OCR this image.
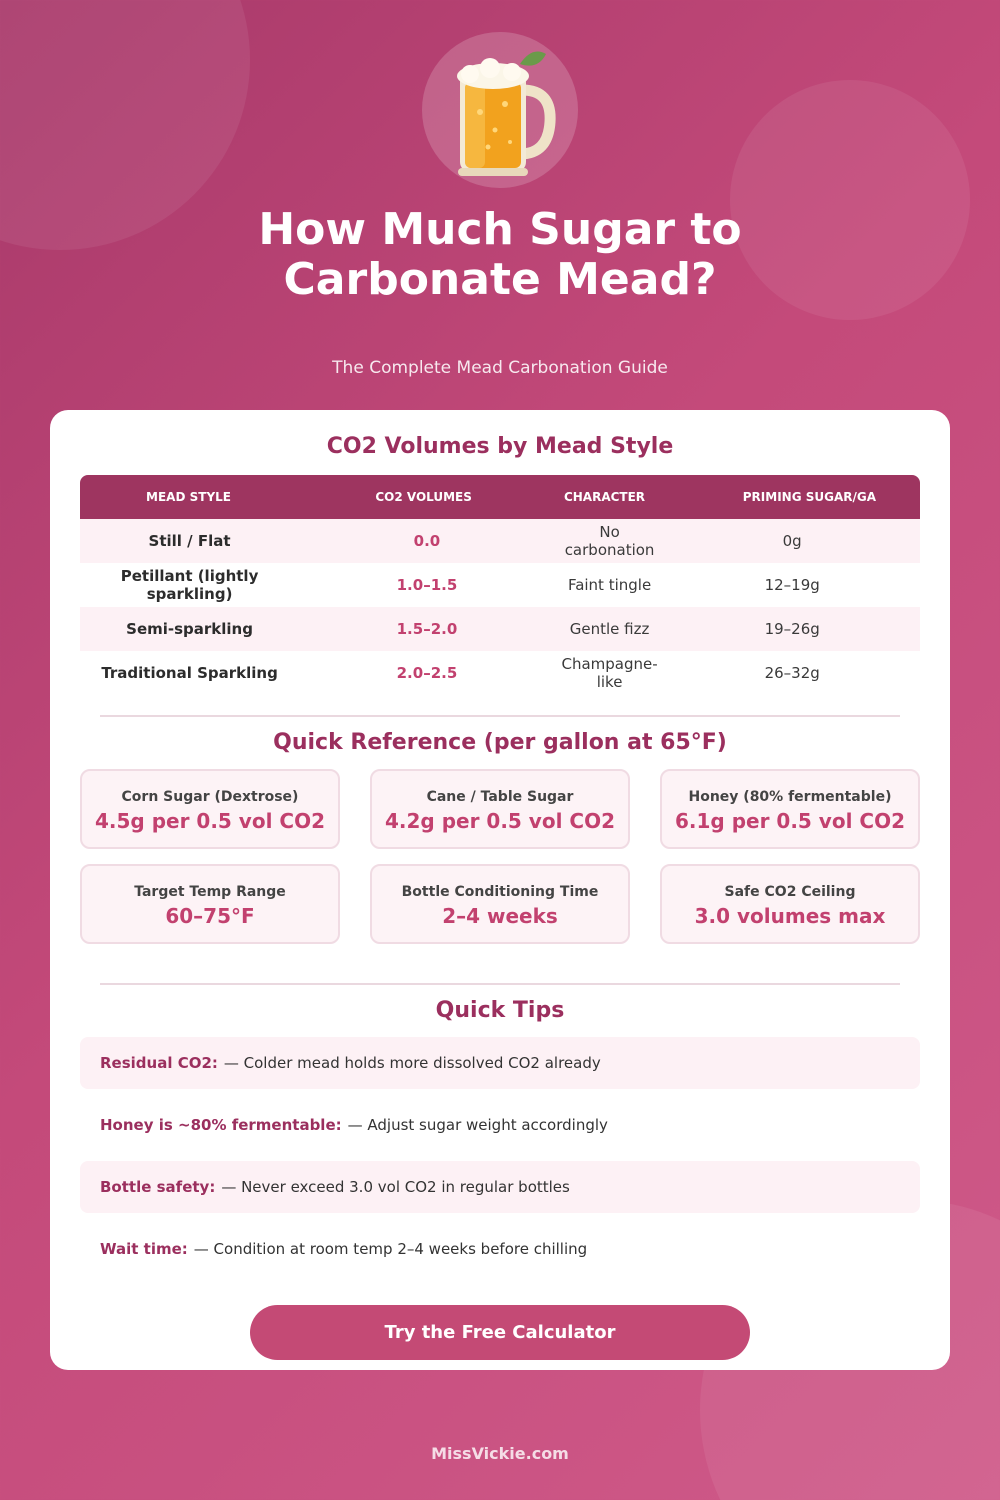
How Much Sugar to
Carbonate Mead?
The Complete Mead Carbonation Guide
CO2 Volumes by Mead Style
MEAD STYLE	CO2 VOLUMES	CHARACTER	PRIMING SUGAR/GA
Still / Flat	0.0	No carbonation	0g
Petillant (lightly sparkling)	1.0–1.5	Faint tingle	12–19g
Semi-sparkling	1.5–2.0	Gentle fizz	19–26g
Traditional Sparkling	2.0–2.5	Champagne-like	26–32g
Quick Reference (per gallon at 65°F)
Corn Sugar (Dextrose)
4.5g per 0.5 vol CO2
Cane / Table Sugar
4.2g per 0.5 vol CO2
Honey (80% fermentable)
6.1g per 0.5 vol CO2
Target Temp Range
60–75°F
Bottle Conditioning Time
2–4 weeks
Safe CO2 Ceiling
3.0 volumes max
Quick Tips
Residual CO2: — Colder mead holds more dissolved CO2 already
Honey is ~80% fermentable: — Adjust sugar weight accordingly
Bottle safety: — Never exceed 3.0 vol CO2 in regular bottles
Wait time: — Condition at room temp 2–4 weeks before chilling
Try the Free Calculator
MissVickie.com
